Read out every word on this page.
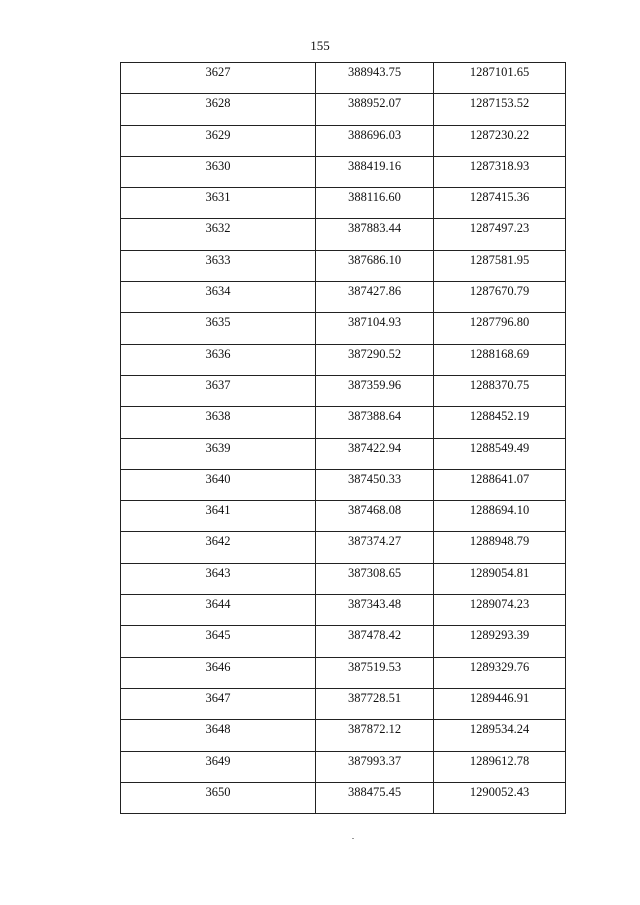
155
3627	388943.75	1287101.65
3628	388952.07	1287153.52
3629	388696.03	1287230.22
3630	388419.16	1287318.93
3631	388116.60	1287415.36
3632	387883.44	1287497.23
3633	387686.10	1287581.95
3634	387427.86	1287670.79
3635	387104.93	1287796.80
3636	387290.52	1288168.69
3637	387359.96	1288370.75
3638	387388.64	1288452.19
3639	387422.94	1288549.49
3640	387450.33	1288641.07
3641	387468.08	1288694.10
3642	387374.27	1288948.79
3643	387308.65	1289054.81
3644	387343.48	1289074.23
3645	387478.42	1289293.39
3646	387519.53	1289329.76
3647	387728.51	1289446.91
3648	387872.12	1289534.24
3649	387993.37	1289612.78
3650	388475.45	1290052.43
